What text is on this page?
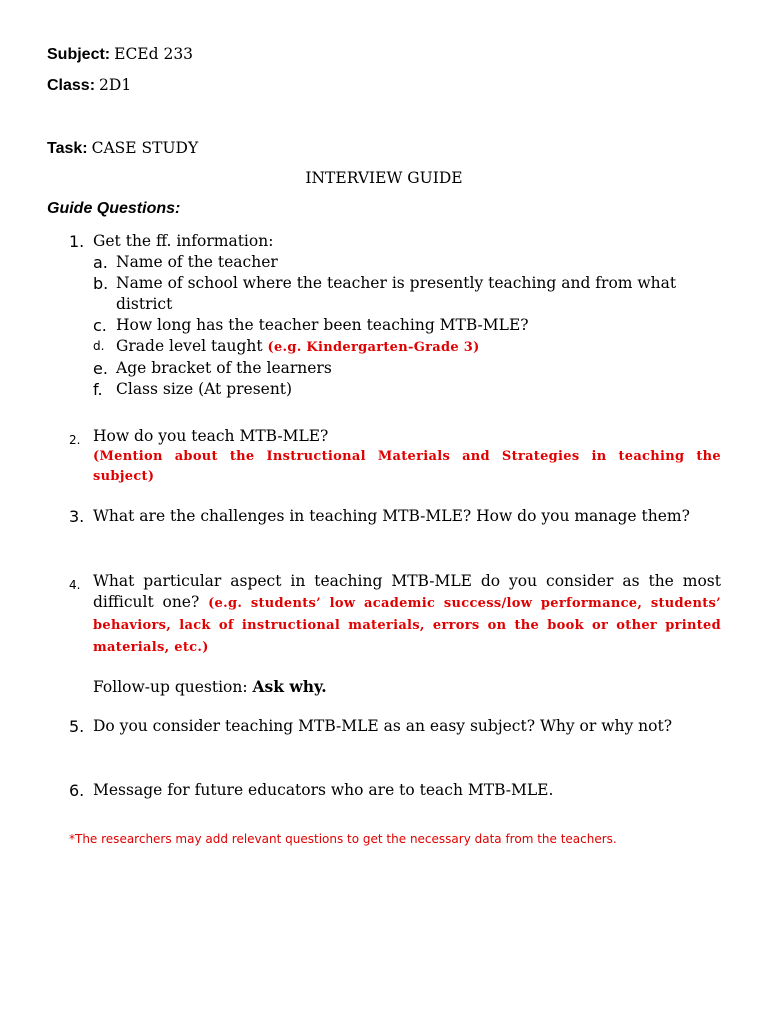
Subject: ECEd 233
Class: 2D1
Task: CASE STUDY
INTERVIEW GUIDE
Guide Questions:
1. Get the ff. information:
a. Name of the teacher
b. Name of school where the teacher is presently teaching and from what
district
c. How long has the teacher been teaching MTB-MLE?
d. Grade level taught (e.g. Kindergarten-Grade 3)
e. Age bracket of the learners
f. Class size (At present)
2. How do you teach MTB-MLE?
(Mention about the Instructional Materials and Strategies in teaching the subject)
3. What are the challenges in teaching MTB-MLE? How do you manage them?
4. What particular aspect in teaching MTB-MLE do you consider as the most difficult one? (e.g. students’ low academic success/low performance, students’ behaviors, lack of instructional materials, errors on the book or other printed materials, etc.)
Follow-up question: Ask why.
5. Do you consider teaching MTB-MLE as an easy subject? Why or why not?
6. Message for future educators who are to teach MTB-MLE.
*The researchers may add relevant questions to get the necessary data from the teachers.
